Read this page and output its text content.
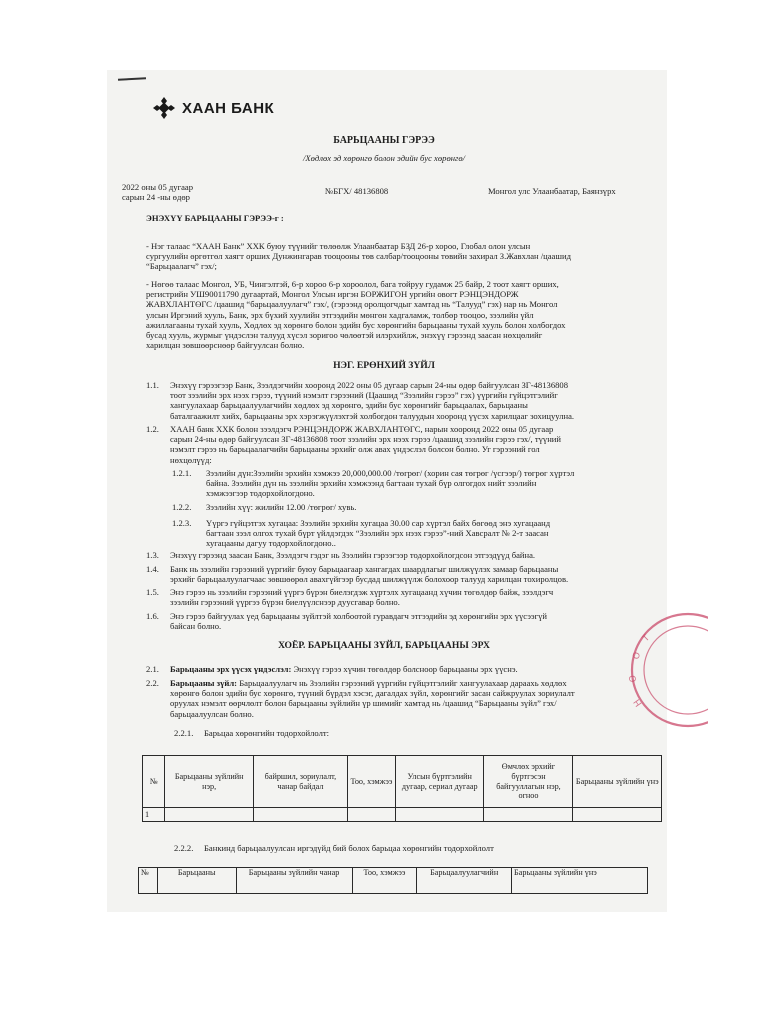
ХААН БАНК
БАРЬЦААНЫ ГЭРЭЭ
/Хөдлөх эд хөрөнгө болон эдийн бус хөрөнгө/
2022 оны 05 дугаар
сарын 24 -ны өдөр
№БГХ/ 48136808	Монгол улс Улаанбаатар, Баянзүрх
ЭНЭХҮҮ БАРЬЦААНЫ ГЭРЭЭ-г :
- Нэг талаас “ХААН Банк” ХХК буюу түүнийг төлөөлж Улаанбаатар БЗД 26-р хороо, Глобал олон улсын
сургуулийн өргөтгөл хаягт орших Дунжингарав тооцооны төв салбар/тооцооны төвийн захирал З.Жавхлан /цаашид
“Барьцаалагч” гэх/;
- Нөгөө талаас Монгол, УБ, Чингэлтэй, 6-р хороо 6-р хороолол, бага тойруу гудамж 25 байр, 2 тоот хаягт орших,
регистрийн УШ90011790 дугаартай, Монгол Улсын иргэн БОРЖИГОН ургийн овогт РЭНЦЭНДОРЖ
ЖАВХЛАНТӨГС /цаашид “барьцаалуулагч” гэх/, (гэрээнд оролцогчдыг хамтад нь “Талууд” гэх) нар нь Монгол
улсын Иргэний хууль, Банк, эрх бүхий хуулийн этгээдийн мөнгөн хадгаламж, толбөр тооцоо, зээлийн үйл
ажиллагааны тухай хууль, Хөдлөх эд хөрөнгө болон эдийн бус хөрөнгийн барьцааны тухай хууль болон холбогдох
бусад хууль, журмыг үндэслэн талууд хүсэл зоригоо чөлөөтэй илэрхийлж, энэхүү гэрээнд заасан нөхцөлийг
харилцан зөвшөөрснөөр байгуулсан болно.
НЭГ. ЕРӨНХИЙ ЗҮЙЛ
1.1. Энэхүү гэрээгээр Банк, Зээлдэгчийн хооронд 2022 оны 05 дугаар сарын 24-ны өдөр байгуулсан ЗГ-48136808
тоот зээлийн эрх нээх гэрээ, түүний нэмэлт гэрээний (Цаашид “Зээлийн гэрээ” гэх) үүргийн гүйцэтгэлийг
хангуулахаар барьцаалуулагчийн хөдлөх эд хөрөнгө, эдийн бус хөрөнгийг барьцаалах, барьцааны
баталгаажилт хийх, барьцааны эрх хэрэгжүүлэхтэй холбогдон талуудын хооронд үүсэх харилцааг зохицуулна.
1.2. ХААН банк ХХК болон зээлдэгч РЭНЦЭНДОРЖ ЖАВХЛАНТӨГС, нарын хооронд 2022 оны 05 дугаар
сарын 24-ны өдөр байгуулсан ЗГ-48136808 тоот зээлийн эрх нээх гэрээ /цаашид зээлийн гэрээ гэх/, түүний
нэмэлт гэрээ нь барьцаалагчийн барьцааны эрхийг олж авах үндэслэл болсон болно. Уг гэрээний гол
нөхцөлүүд:
1.2.1. Зээлийн дүн:Зээлийн эрхийн хэмжээ 20,000,000.00 /төгрөг/ (хорин сая төгрөг /үсгээр/) төгрөг хүртэл
байна. Зээлийн дүн нь зээлийн эрхийн хэмжээнд багтаан тухай бүр олгогдох нийт зээлийн
хэмжээгээр тодорхойлогдоно.
1.2.2. Зээлийн хүү: жилийн 12.00 /төгрөг/ хувь.
1.2.3. Үүргэ гүйцэтгэх хугацаа: Зээлийн эрхийн хугацаа 30.00 сар хүртэл байх бөгөөд энэ хугацаанд
багтаан зээл олгох тухай бүрт үйлдэгдэх “Зээлийн эрх нээх гэрээ”-ний Хавсралт № 2-т заасан
хугацааны дагуу тодорхойлогдоно..
1.3. Энэхүү гэрээнд заасан Банк, Зээлдэгч гэдэг нь Зээлийн гэрээгээр тодорхойлогдсон этгээдүүд байна.
1.4. Банк нь зээлийн гэрээний үүргийг буюу барьцаагаар хангагдах шаардлагыг шилжүүлэх замаар барьцааны
эрхийг барьцаалуулагчаас зөвшөөрөл авахгүйгээр бусдад шилжүүлж болохоор талууд харилцан тохиролцов.
1.5. Энэ гэрээ нь зээлийн гэрээний үүргэ бүрэн биелэгдэж хүртэлх хугацаанд хүчин төгөлдөр байж, зээлдэгч
зээлийн гэрээний үүргээ бүрэн биелүүлснээр дуусгавар болно.
1.6. Энэ гэрээ байгуулах үед барьцааны зүйлтэй холбоотой гуравдагч этгээдийн эд хөрөнгийн эрх үүсээгүй
байсан болно.
ХОЁР. БАРЬЦААНЫ ЗҮЙЛ, БАРЬЦААНЫ ЭРХ
2.1. Барьцааны эрх үүсэх үндэслэл: Энэхүү гэрээ хүчин төгөлдөр болсноор барьцааны эрх үүснэ.
2.2. Барьцааны зүйл: Барьцаалуулагч нь Зээлийн гэрээний үүргийн гүйцэтгэлийг хангуулахаар дараахь хөдлөх
хөрөнгө болон эдийн бус хөрөнгө, түүний бүрдэл хэсэг, дагалдах зүйл, хөрөнгийг засан сайжруулах зориулалт
оруулах нэмэлт өөрчлөлт болон барьцааны зүйлийн үр шимийг хамтад нь /цаашид “Барьцааны зүйл” гэх/
барьцаалуулсан болно.
2.2.1. Барьцаа хөрөнгийн тодорхойлолт:
№	Барьцааны зүйлийн нэр,	байршил, зориулалт, чанар байдал	Тоо, хэмжээ	Улсын бүртгэлийн дугаар, сериал дугаар	Өмчлөх эрхийг бүртгэсэн байгууллагын нэр, огноо	Барьцааны зүйлийн үнэ
1						
2.2.2. Банкинд барьцаалуулсан иргэдүйд бий болох барьцаа хөрөнгийн тодорхойлолт
№	Барьцааны	Барьцааны зүйлийн чанар	Тоо, хэмжээ	Барьцаалуулагчийн	Барьцааны зүйлийн үнэ
Т
О
О
Н
